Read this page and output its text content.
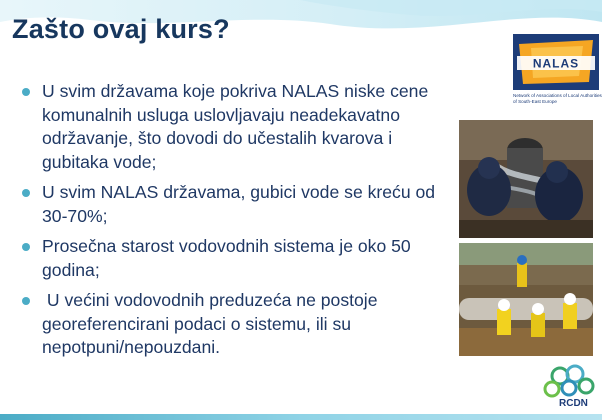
Zašto ovaj kurs?
U svim državama koje pokriva NALAS niske cene komunalnih usluga uslovljavaju neadekavatno održavanje, što dovodi do učestalih kvarova i gubitaka vode;
U svim NALAS državama, gubici vode se kreću od 30-70%;
Prosečna starost vodovodnih sistema je oko 50 godina;
U većini vodovodnih preduzeća ne postoje georeferencirani podaci o sistemu, ili su nepotpuni/nepouzdani.
NALAS
Network of Associations of Local Authorities of South-East Europe
RCDN
